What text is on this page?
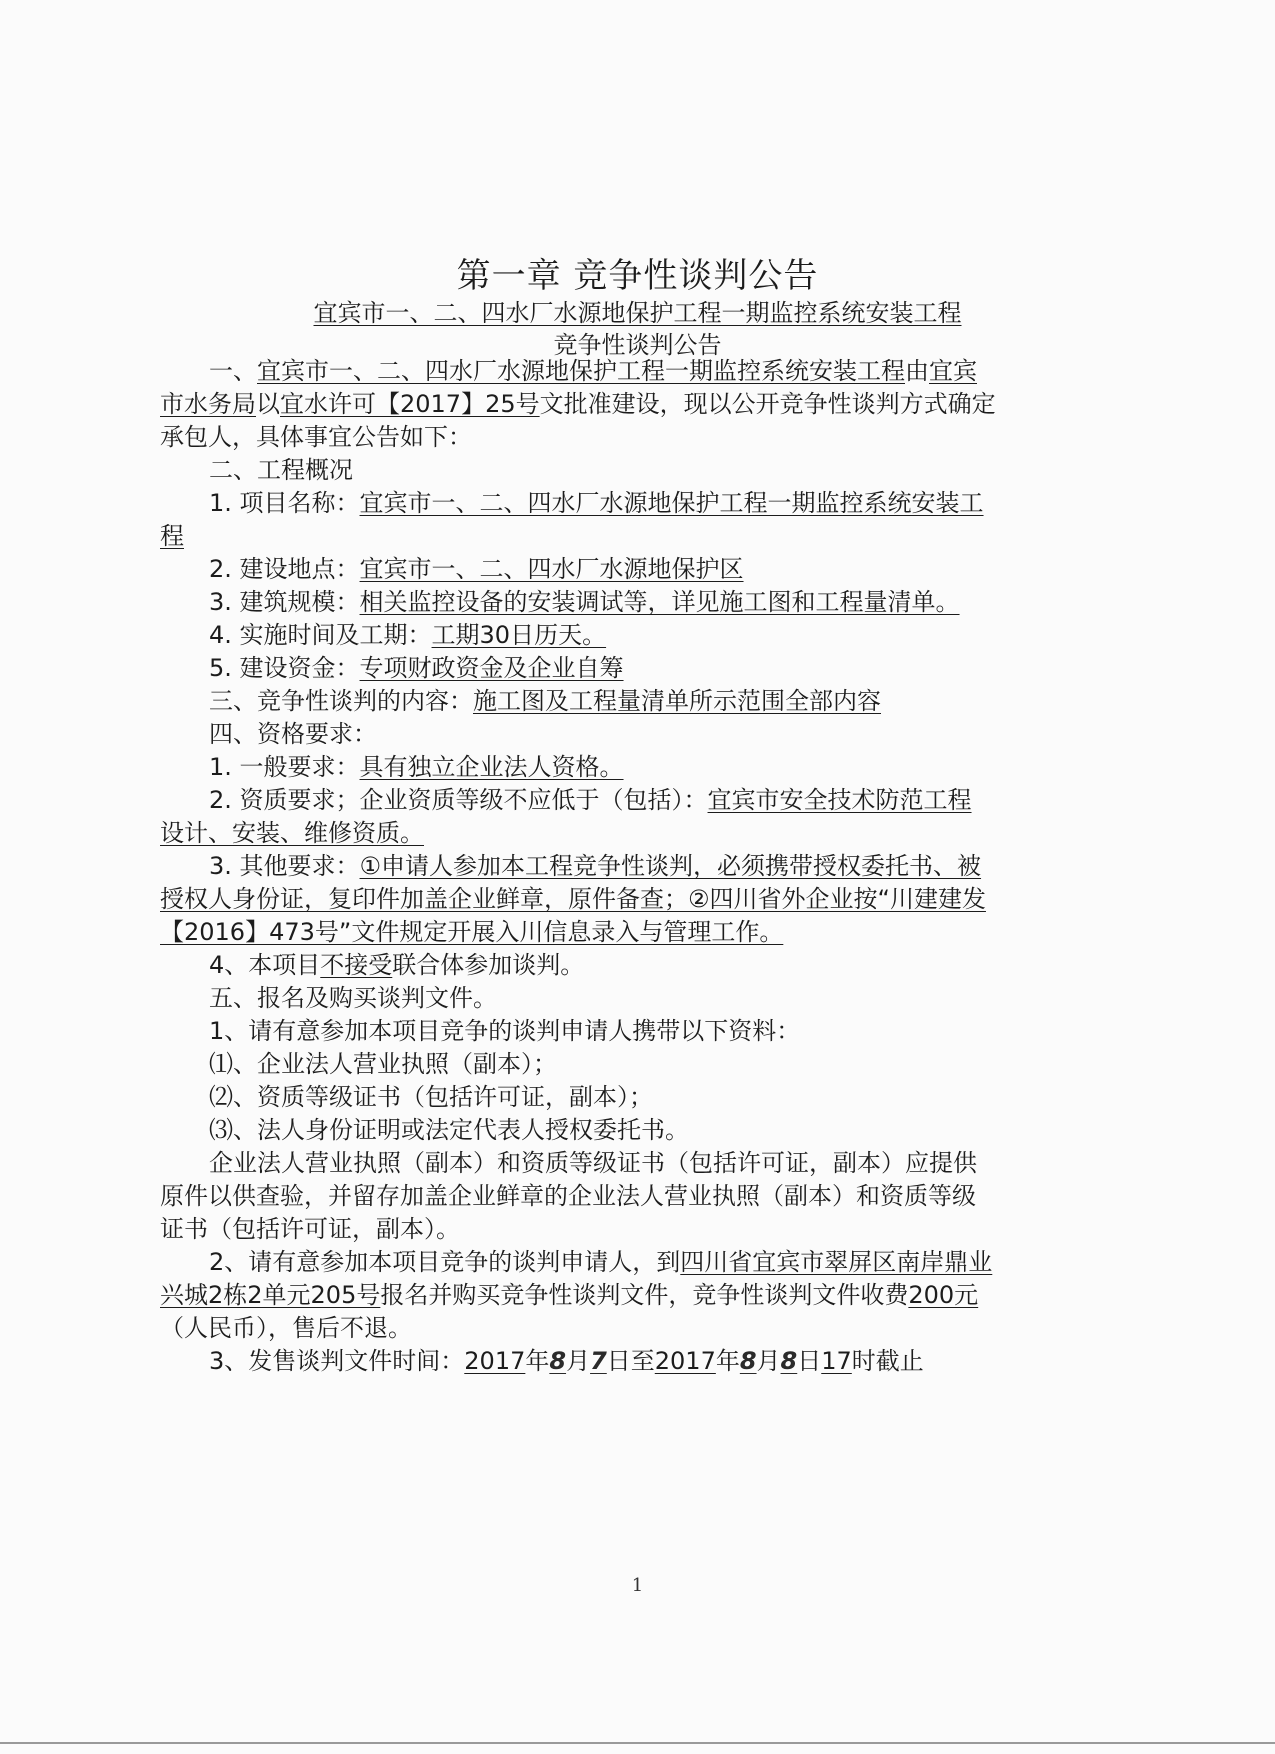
第一章 竞争性谈判公告
宜宾市一、二、四水厂水源地保护工程一期监控系统安装工程
竞争性谈判公告
一、宜宾市一、二、四水厂水源地保护工程一期监控系统安装工程由宜宾
市水务局以宜水许可【2017】25号文批准建设，现以公开竞争性谈判方式确定
承包人，具体事宜公告如下：
二、工程概况
1. 项目名称：宜宾市一、二、四水厂水源地保护工程一期监控系统安装工
程
2. 建设地点：宜宾市一、二、四水厂水源地保护区
3. 建筑规模：相关监控设备的安装调试等，详见施工图和工程量清单。
4. 实施时间及工期：工期30日历天。
5. 建设资金：专项财政资金及企业自筹
三、竞争性谈判的内容：施工图及工程量清单所示范围全部内容
四、资格要求：
1. 一般要求：具有独立企业法人资格。
2. 资质要求；企业资质等级不应低于（包括）：宜宾市安全技术防范工程
设计、安装、维修资质。
3. 其他要求：①申请人参加本工程竞争性谈判，必须携带授权委托书、被
授权人身份证，复印件加盖企业鲜章，原件备查；②四川省外企业按“川建建发
【2016】473号”文件规定开展入川信息录入与管理工作。
4、本项目不接受联合体参加谈判。
五、报名及购买谈判文件。
1、请有意参加本项目竞争的谈判申请人携带以下资料：
⑴、企业法人营业执照（副本）；
⑵、资质等级证书（包括许可证，副本）；
⑶、法人身份证明或法定代表人授权委托书。
企业法人营业执照（副本）和资质等级证书（包括许可证，副本）应提供
原件以供查验，并留存加盖企业鲜章的企业法人营业执照（副本）和资质等级
证书（包括许可证，副本）。
2、请有意参加本项目竞争的谈判申请人，到四川省宜宾市翠屏区南岸鼎业
兴城2栋2单元205号报名并购买竞争性谈判文件，竞争性谈判文件收费200元
（人民币），售后不退。
3、发售谈判文件时间：2017年8月7日至2017年8月8日17时截止
1
